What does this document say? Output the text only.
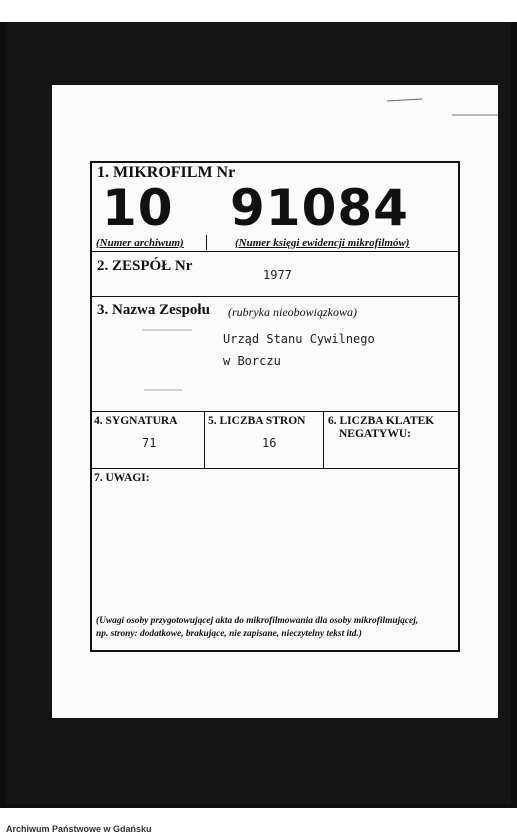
1. MIKROFILM Nr
10 91084
(Numer archiwum)	(Numer księgi ewidencji mikrofilmów)
2. ZESPÓŁ Nr
1977
3. Nazwa Zespołu (rubryka nieobowiązkowa)
Urząd Stanu Cywilnego
w Borczu
4. SYGNATURA
71
5. LICZBA STRON
16
6. LICZBA KLATEK
NEGATYWU:
7. UWAGI:
(Uwagi osoby przygotowującej akta do mikrofilmowania dla osoby mikrofilmującej,
np. strony: dodatkowe, brakujące, nie zapisane, nieczytelny tekst itd.)
Archiwum Państwowe w Gdańsku
